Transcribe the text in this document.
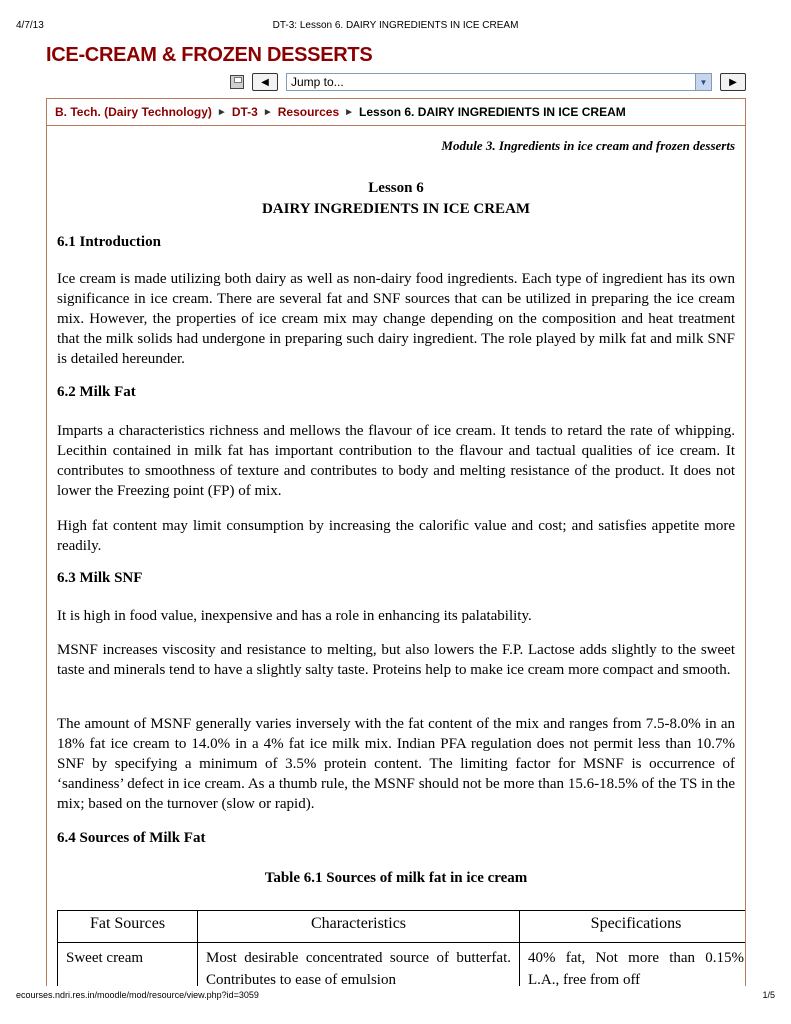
4/7/13	DT-3: Lesson 6. DAIRY INGREDIENTS IN ICE CREAM
ICE-CREAM & FROZEN DESSERTS
◀ Jump to...	▼	▶
B. Tech. (Dairy Technology) ► DT-3 ► Resources ► Lesson 6. DAIRY INGREDIENTS IN ICE CREAM
Module 3. Ingredients in ice cream and frozen desserts
Lesson 6
DAIRY INGREDIENTS IN ICE CREAM
6.1 Introduction
Ice cream is made utilizing both dairy as well as non-dairy food ingredients. Each type of ingredient has its own significance in ice cream. There are several fat and SNF sources that can be utilized in preparing the ice cream mix. However, the properties of ice cream mix may change depending on the composition and heat treatment that the milk solids had undergone in preparing such dairy ingredient. The role played by milk fat and milk SNF is detailed hereunder.
6.2 Milk Fat
Imparts a characteristics richness and mellows the flavour of ice cream. It tends to retard the rate of whipping. Lecithin contained in milk fat has important contribution to the flavour and tactual qualities of ice cream. It contributes to smoothness of texture and contributes to body and melting resistance of the product. It does not lower the Freezing point (FP) of mix.
High fat content may limit consumption by increasing the calorific value and cost; and satisfies appetite more readily.
6.3 Milk SNF
It is high in food value, inexpensive and has a role in enhancing its palatability.
MSNF increases viscosity and resistance to melting, but also lowers the F.P. Lactose adds slightly to the sweet taste and minerals tend to have a slightly salty taste. Proteins help to make ice cream more compact and smooth.
The amount of MSNF generally varies inversely with the fat content of the mix and ranges from 7.5-8.0% in an 18% fat ice cream to 14.0% in a 4% fat ice milk mix. Indian PFA regulation does not permit less than 10.7% SNF by specifying a minimum of 3.5% protein content. The limiting factor for MSNF is occurrence of ‘sandiness’ defect in ice cream. As a thumb rule, the MSNF should not be more than 15.6-18.5% of the TS in the mix; based on the turnover (slow or rapid).
6.4 Sources of Milk Fat
Table 6.1 Sources of milk fat in ice cream
Fat Sources	Characteristics	Specifications
Sweet cream	Most desirable concentrated source of butterfat. Contributes to ease of emulsion	40% fat, Not more than 0.15% L.A., free from off
ecourses.ndri.res.in/moodle/mod/resource/view.php?id=3059	1/5
